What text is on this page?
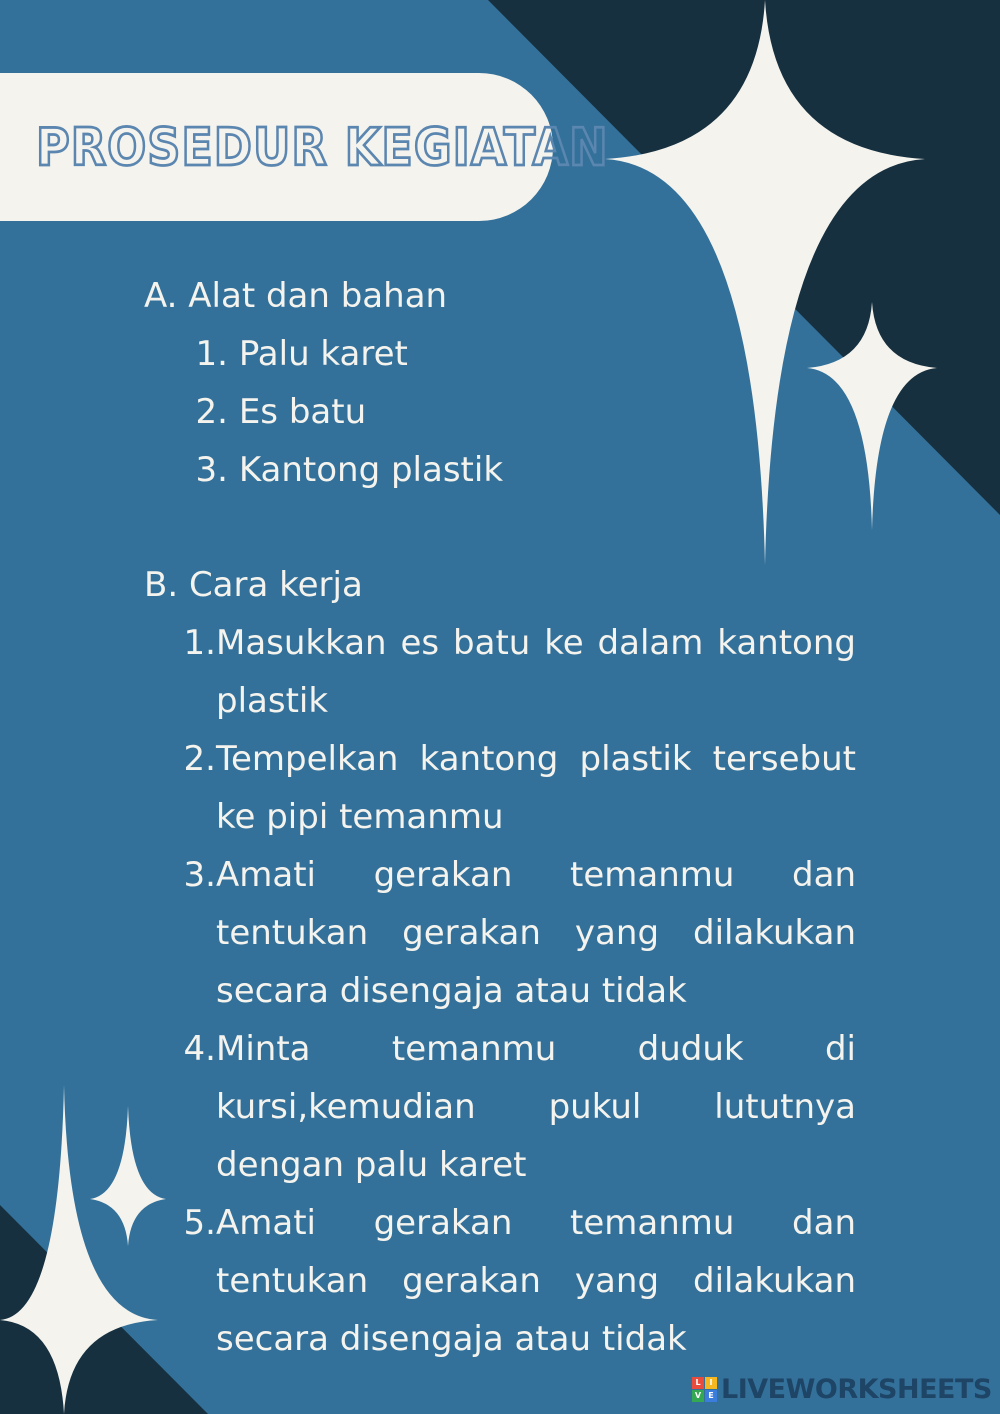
PROSEDUR KEGIATAN
A. Alat dan bahan
1. Palu karet
2. Es batu
3. Kantong plastik
B. Cara kerja
1. Masukkan es batu ke dalam kantong plastik
2. Tempelkan kantong plastik tersebut ke pipi temanmu
3. Amati gerakan temanmu dan tentukan gerakan yang dilakukan secara disengaja atau tidak
4. Minta temanmu duduk di kursi,kemudian pukul lututnya dengan palu karet
5. Amati gerakan temanmu dan tentukan gerakan yang dilakukan secara disengaja atau tidak
L	I
V E LIVEWORKSHEETS
